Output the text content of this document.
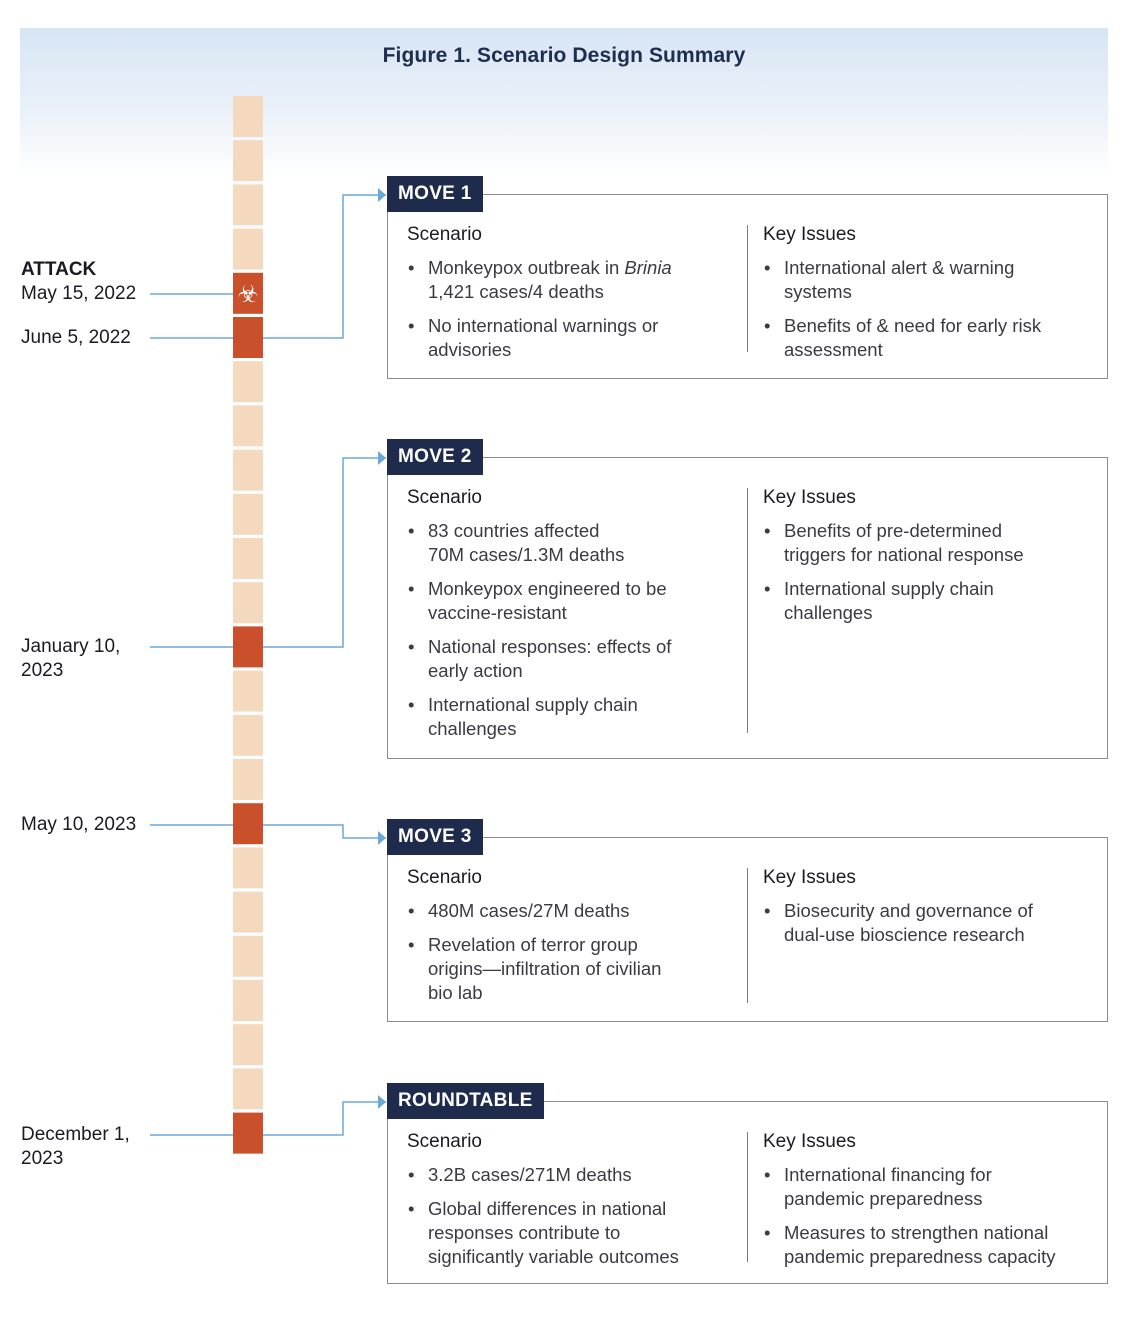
Figure 1. Scenario Design Summary
☣
ATTACK
May 15, 2022
June 5, 2022
January 10,
2023
May 10, 2023
December 1,
2023
Scenario
• Monkeypox outbreak in Brinia
1,421 cases/4 deaths
• No international warnings or
advisories
Key Issues
• International alert & warning
systems
• Benefits of & need for early risk
assessment
MOVE 1
Scenario
• 83 countries affected
70M cases/1.3M deaths
• Monkeypox engineered to be
vaccine-resistant
• National responses: effects of
early action
• International supply chain
challenges
Key Issues
• Benefits of pre-determined
triggers for national response
• International supply chain
challenges
MOVE 2
Scenario
• 480M cases/27M deaths
• Revelation of terror group
origins—infiltration of civilian
bio lab
Key Issues
• Biosecurity and governance of
dual-use bioscience research
MOVE 3
Scenario
• 3.2B cases/271M deaths
• Global differences in national
responses contribute to
significantly variable outcomes
Key Issues
• International financing for
pandemic preparedness
• Measures to strengthen national
pandemic preparedness capacity
ROUNDTABLE
